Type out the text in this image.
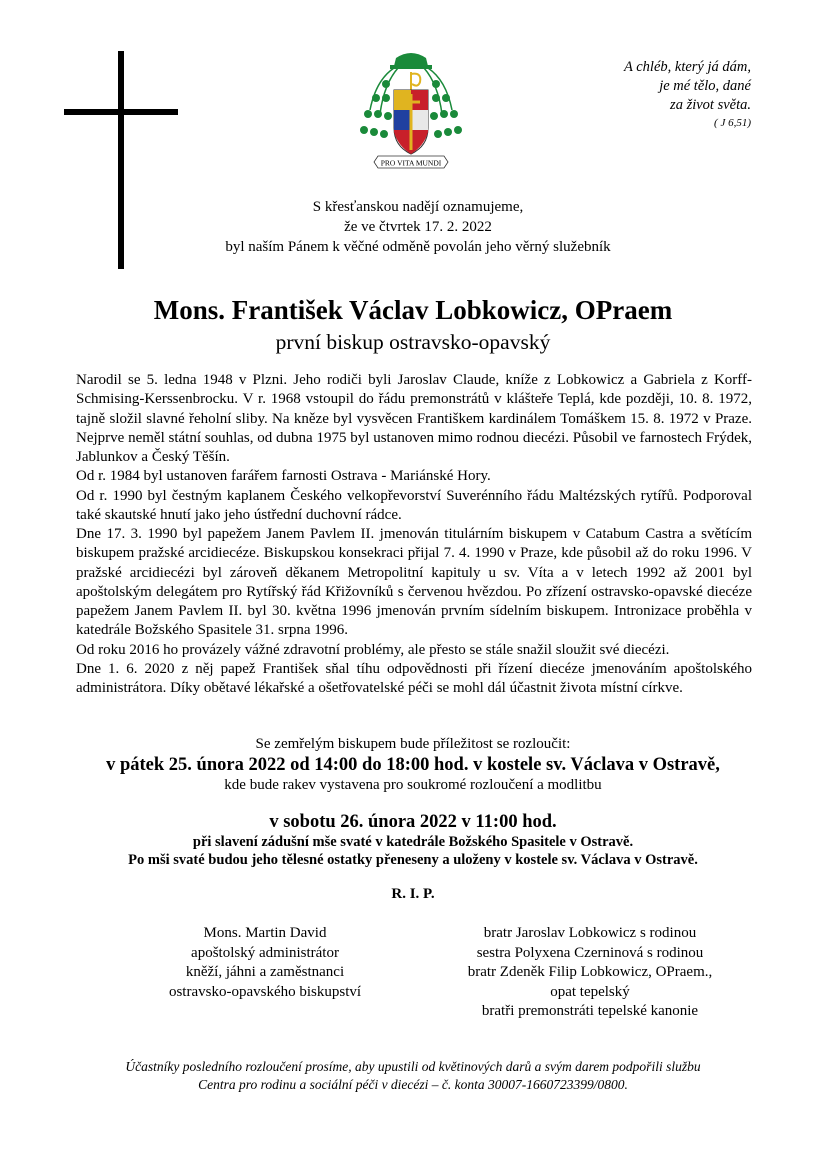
PRO VITA MUNDI
A chléb, který já dám,
je mé tělo, dané
za život světa.
( J 6,51)
S křesťanskou nadějí oznamujeme,
že ve čtvrtek 17. 2. 2022
byl naším Pánem k věčné odměně povolán jeho věrný služebník
Mons. František Václav Lobkowicz, OPraem
první biskup ostravsko-opavský

Narodil se 5. ledna 1948 v Plzni. Jeho rodiči byli Jaroslav Claude, kníže z Lobkowicz a Gabriela z Korff-Schmising-Kerssenbrocku. V r. 1968 vstoupil do řádu premonstrátů v klášteře Teplá, kde později, 10. 8. 1972, tajně složil slavné řeholní sliby. Na kněze byl vysvěcen Františkem kardinálem Tomáškem 15. 8. 1972 v Praze. Nejprve neměl státní souhlas, od dubna 1975 byl ustanoven mimo rodnou diecézi. Působil ve farnostech Frýdek, Jablunkov a Český Těšín.

Od r. 1984 byl ustanoven farářem farnosti Ostrava - Mariánské Hory.

Od r. 1990 byl čestným kaplanem Českého velkopřevorství Suverénního řádu Maltézských rytířů. Podporoval také skautské hnutí jako jeho ústřední duchovní rádce.

Dne 17. 3. 1990 byl papežem Janem Pavlem II. jmenován titulárním biskupem v Catabum Castra a světícím biskupem pražské arcidiecéze. Biskupskou konsekraci přijal 7. 4. 1990 v Praze, kde působil až do roku 1996. V pražské arcidiecézi byl zároveň děkanem Metropolitní kapituly u sv. Víta a v letech 1992 až 2001 byl apoštolským delegátem pro Rytířský řád Křižovníků s červenou hvězdou. Po zřízení ostravsko-opavské diecéze papežem Janem Pavlem II. byl 30. května 1996 jmenován prvním sídelním biskupem. Intronizace proběhla v katedrále Božského Spasitele 31. srpna 1996.

Od roku 2016 ho provázely vážné zdravotní problémy, ale přesto se stále snažil sloužit své diecézi.

Dne 1. 6. 2020 z něj papež František sňal tíhu odpovědnosti při řízení diecéze jmenováním apoštolského administrátora. Díky obětavé lékařské a ošetřovatelské péči se mohl dál účastnit života místní církve.

Se zemřelým biskupem bude příležitost se rozloučit:
v pátek 25. února 2022 od 14:00 do 18:00 hod. v kostele sv. Václava v Ostravě,
kde bude rakev vystavena pro soukromé rozloučení a modlitbu
v sobotu 26. února 2022 v 11:00 hod.
při slavení zádušní mše svaté v katedrále Božského Spasitele v Ostravě.
Po mši svaté budou jeho tělesné ostatky přeneseny a uloženy v kostele sv. Václava v Ostravě.
R. I. P.
Mons. Martin David
apoštolský administrátor
kněží, jáhni a zaměstnanci
ostravsko-opavského biskupství
bratr Jaroslav Lobkowicz s rodinou
sestra Polyxena Czerninová s rodinou
bratr Zdeněk Filip Lobkowicz, OPraem.,
opat tepelský
bratři premonstráti tepelské kanonie
Účastníky posledního rozloučení prosíme, aby upustili od květinových darů a svým darem podpořili službu
Centra pro rodinu a sociální péči v diecézi – č. konta 30007-1660723399/0800.
